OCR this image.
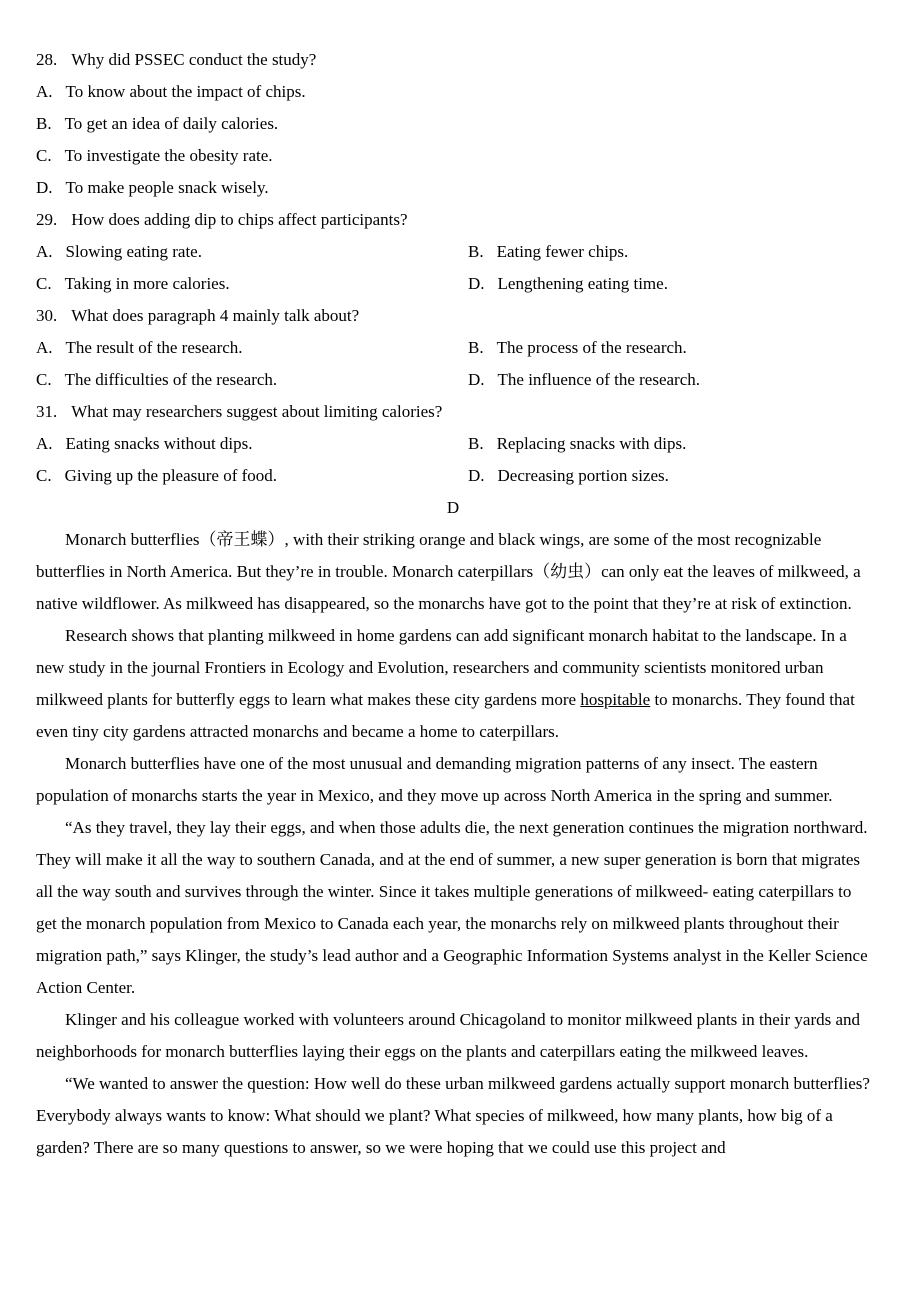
28. Why did PSSEC conduct the study?
A. To know about the impact of chips.
B. To get an idea of daily calories.
C. To investigate the obesity rate.
D. To make people snack wisely.
29. How does adding dip to chips affect participants?
A. Slowing eating rate.	B. Eating fewer chips.
C. Taking in more calories.	D. Lengthening eating time.
30. What does paragraph 4 mainly talk about?
A. The result of the research.	B. The process of the research.
C. The difficulties of the research.	D. The influence of the research.
31. What may researchers suggest about limiting calories?
A. Eating snacks without dips.	B. Replacing snacks with dips.
C. Giving up the pleasure of food.	D. Decreasing portion sizes.
D

Monarch butterflies（帝王蝶）, with their striking orange and black wings, are some of the most recognizable butterflies in North America. But they’re in trouble. Monarch caterpillars（幼虫）can only eat the leaves of milkweed, a native wildflower. As milkweed has disappeared, so the monarchs have got to the point that they’re at risk of extinction.

Research shows that planting milkweed in home gardens can add significant monarch habitat to the landscape. In a new study in the journal Frontiers in Ecology and Evolution, researchers and community scientists monitored urban milkweed plants for butterfly eggs to learn what makes these city gardens more hospitable to monarchs. They found that even tiny city gardens attracted monarchs and became a home to caterpillars.

Monarch butterflies have one of the most unusual and demanding migration patterns of any insect. The eastern population of monarchs starts the year in Mexico, and they move up across North America in the spring and summer.

“As they travel, they lay their eggs, and when those adults die, the next generation continues the migration northward. They will make it all the way to southern Canada, and at the end of summer, a new super generation is born that migrates all the way south and survives through the winter. Since it takes multiple generations of milkweed- eating caterpillars to get the monarch population from Mexico to Canada each year, the monarchs rely on milkweed plants throughout their migration path,” says Klinger, the study’s lead author and a Geographic Information Systems analyst in the Keller Science Action Center.

Klinger and his colleague worked with volunteers around Chicagoland to monitor milkweed plants in their yards and neighborhoods for monarch butterflies laying their eggs on the plants and caterpillars eating the milkweed leaves.

“We wanted to answer the question: How well do these urban milkweed gardens actually support monarch butterflies? Everybody always wants to know: What should we plant? What species of milkweed, how many plants, how big of a garden? There are so many questions to answer, so we were hoping that we could use this project and
